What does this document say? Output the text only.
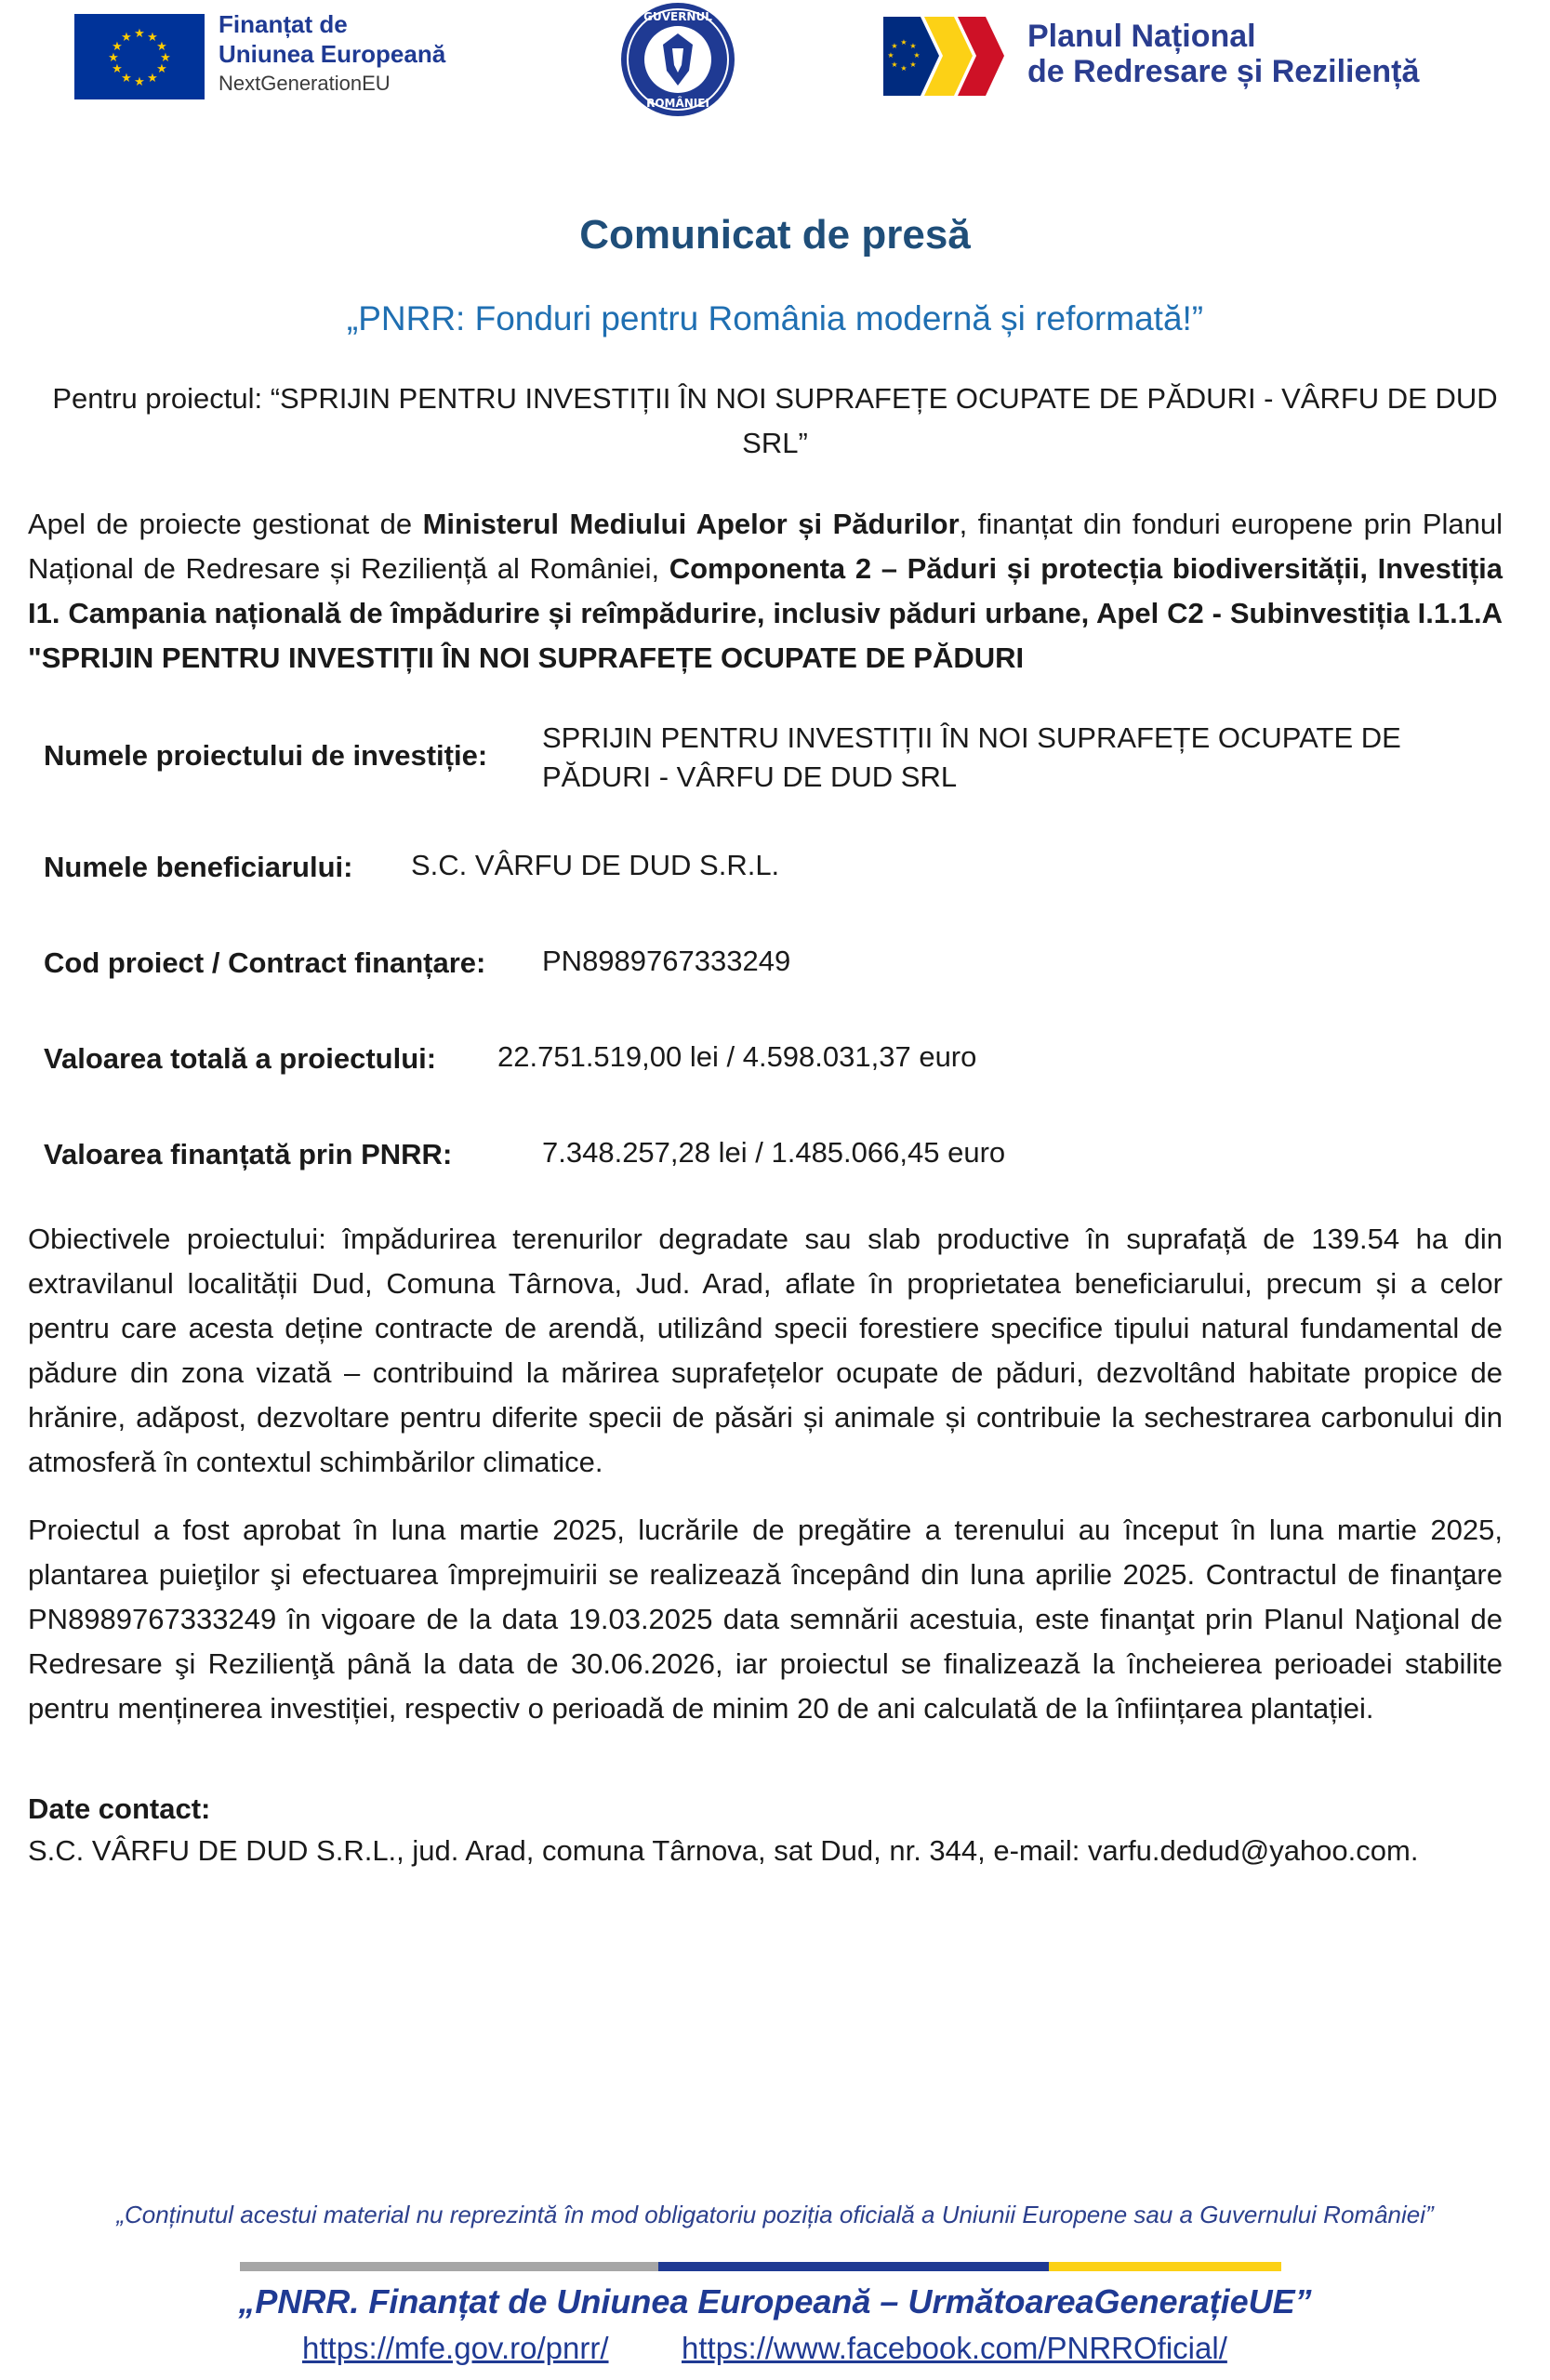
★ ★
★
★
★
★
★
★
★
★
★
★	Finanțat de
Uniunea Europeană
NextGenerationEU
GUVERNUL
ROMÂNIEI
★ ★
★
★
★
★
★
★	Planul Național
de Redresare și Reziliență
Comunicat de presă
„PNRR: Fonduri pentru România modernă și reformată!”
Pentru proiectul: “SPRIJIN PENTRU INVESTIȚII ÎN NOI SUPRAFEȚE OCUPATE DE PĂDURI - VÂRFU DE DUD SRL”
Apel de proiecte gestionat de Ministerul Mediului Apelor și Pădurilor, finanțat din fonduri europene prin Planul Național de Redresare și Reziliență al României, Componenta 2 – Păduri și protecția biodiversității, Investiția I1. Campania națională de împădurire și reîmpădurire, inclusiv păduri urbane, Apel C2 - Subinvestiția I.1.1.A "SPRIJIN PENTRU INVESTIȚII ÎN NOI SUPRAFEȚE OCUPATE DE PĂDURI
Numele proiectului de investiție:
SPRIJIN PENTRU INVESTIȚII ÎN NOI SUPRAFEȚE OCUPATE DE PĂDURI - VÂRFU DE DUD SRL
Numele beneficiarului: S.C. VÂRFU DE DUD S.R.L.
Cod proiect / Contract finanțare: PN8989767333249
Valoarea totală a proiectului: 22.751.519,00 lei / 4.598.031,37 euro
Valoarea finanțată prin PNRR:	7.348.257,28 lei / 1.485.066,45 euro
Obiectivele proiectului: împădurirea terenurilor degradate sau slab productive în suprafață de 139.54 ha din extravilanul localității Dud, Comuna Târnova, Jud. Arad, aflate în proprietatea beneficiarului, precum și a celor pentru care acesta deține contracte de arendă, utilizând specii forestiere specifice tipului natural fundamental de pădure din zona vizată – contribuind la mărirea suprafețelor ocupate de păduri, dezvoltând habitate propice de hrănire, adăpost, dezvoltare pentru diferite specii de păsări și animale și contribuie la sechestrarea carbonului din atmosferă în contextul schimbărilor climatice.
Proiectul a fost aprobat în luna martie 2025, lucrările de pregătire a terenului au început în luna martie 2025, plantarea puieţilor şi efectuarea împrejmuirii se realizează începând din luna aprilie 2025. Contractul de finanţare PN8989767333249 în vigoare de la data 19.03.2025 data semnării acestuia, este finanţat prin Planul Naţional de Redresare şi Rezilienţă până la data de 30.06.2026, iar proiectul se finalizează la încheierea perioadei stabilite pentru menținerea investiției, respectiv o perioadă de minim 20 de ani calculată de la înființarea plantației.
Date contact:
S.C. VÂRFU DE DUD S.R.L., jud. Arad, comuna Târnova, sat Dud, nr. 344, e-mail: varfu.dedud@yahoo.com.
„Conținutul acestui material nu reprezintă în mod obligatoriu poziția oficială a Uniunii Europene sau a Guvernului României”
„PNRR. Finanțat de Uniunea Europeană – UrmătoareaGenerațieUE”
https://mfe.gov.ro/pnrr/ https://www.facebook.com/PNRROficial/
